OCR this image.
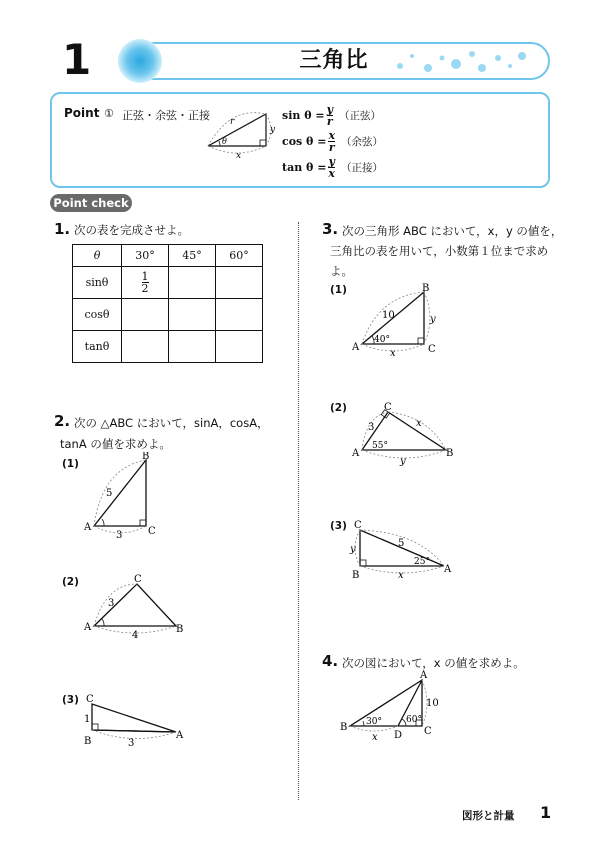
1	三角比
Point ① 正弦・余弦・正接 r
y
x
θ
$\sin \theta = \frac{y}{r}$ （正弦）
$\cos \theta = \frac{x}{r}$ （余弦）
$\tan \theta = \frac{y}{x}$ （正接）
Point check
1. 次の表を完成させよ。
θ	30°	45°	60°
sinθ	$\frac{1}{2}$

cosθ			
tanθ			
2. 次の △ABC において，sinA，cosA，
tanA の値を求めよ。
(1)
A
B
C
5
3
(2)
A	B
C
3
4
(3)
A
B
C
1
3
3. 次の三角形 ABC において，x，y の値を，
三角比の表を用いて，小数第１位まで求め
よ。
(1)
A
B
C
10
40°
y
x
(2)
A	B
C
3
55°
x
y
(3)
A
B
C
5
25°
y
x
4. 次の図において，x の値を求めよ。
B
A
C
D
30°	60°
10
x
図形と計量 1
